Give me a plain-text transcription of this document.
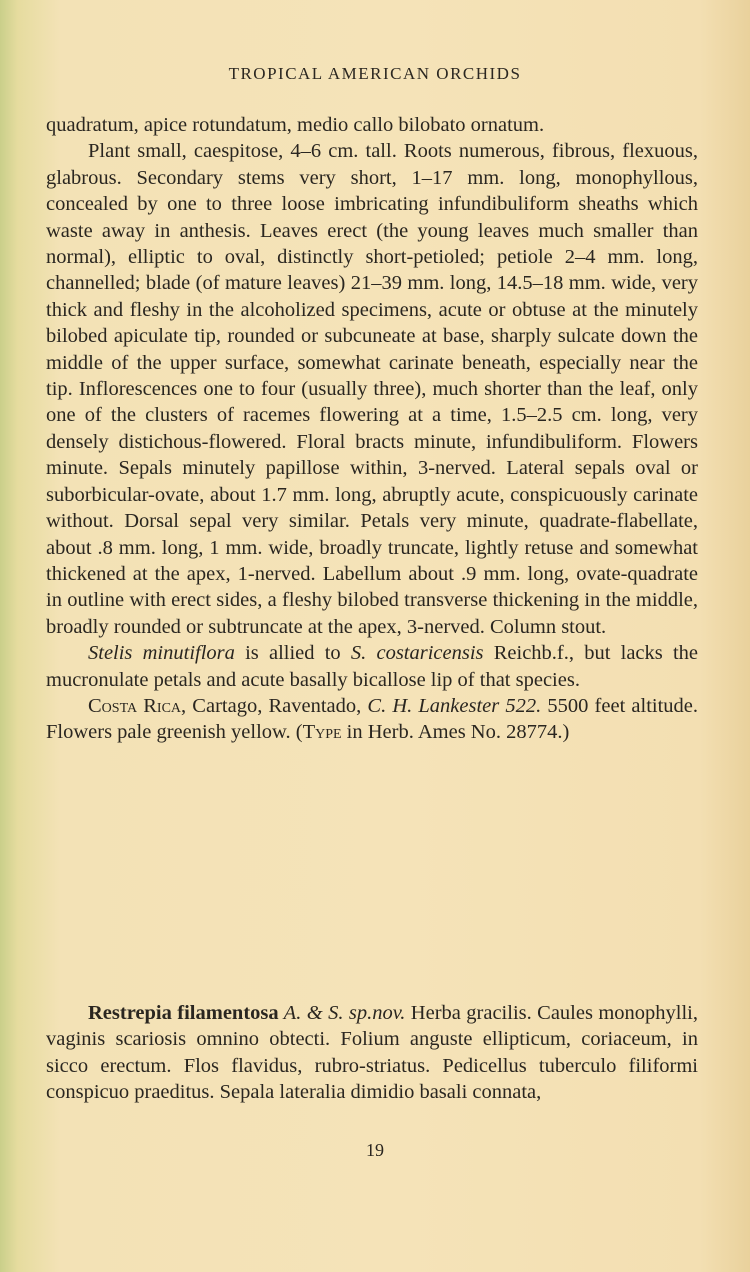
TROPICAL AMERICAN ORCHIDS

quadratum, apice rotundatum, medio callo bilobato ornatum.

Plant small, caespitose, 4–6 cm. tall. Roots numerous, fibrous, flexuous, glabrous. Secondary stems very short, 1–17 mm. long, monophyllous, concealed by one to three loose imbricating infundibuliform sheaths which waste away in anthesis. Leaves erect (the young leaves much smaller than normal), elliptic to oval, distinctly short-petioled; petiole 2–4 mm. long, channelled; blade (of mature leaves) 21–39 mm. long, 14.5–18 mm. wide, very thick and fleshy in the alcoholized specimens, acute or obtuse at the minutely bilobed apiculate tip, rounded or subcuneate at base, sharply sulcate down the middle of the upper surface, somewhat carinate beneath, especially near the tip. Inflorescences one to four (usually three), much shorter than the leaf, only one of the clusters of racemes flowering at a time, 1.5–2.5 cm. long, very densely distichous-flowered. Floral bracts minute, infundibuliform. Flowers minute. Sepals minutely papillose within, 3-nerved. Lateral sepals oval or suborbicular-ovate, about 1.7 mm. long, abruptly acute, conspicuously carinate without. Dorsal sepal very similar. Petals very minute, quadrate-flabellate, about .8 mm. long, 1 mm. wide, broadly truncate, lightly retuse and somewhat thickened at the apex, 1-nerved. Labellum about .9 mm. long, ovate-quadrate in outline with erect sides, a fleshy bilobed transverse thickening in the middle, broadly rounded or subtruncate at the apex, 3-nerved. Column stout.

Stelis minutiflora is allied to S. costaricensis Reichb.f., but lacks the mucronulate petals and acute basally bicallose lip of that species.

Costa Rica, Cartago, Raventado, C. H. Lankester 522. 5500 feet altitude. Flowers pale greenish yellow. (Type in Herb. Ames No. 28774.)

Restrepia filamentosa A. & S. sp.nov. Herba gracilis. Caules monophylli, vaginis scariosis omnino obtecti. Folium anguste ellipticum, coriaceum, in sicco erectum. Flos flavidus, rubro-striatus. Pedicellus tuberculo filiformi conspicuo praeditus. Sepala lateralia dimidio basali connata,

19
